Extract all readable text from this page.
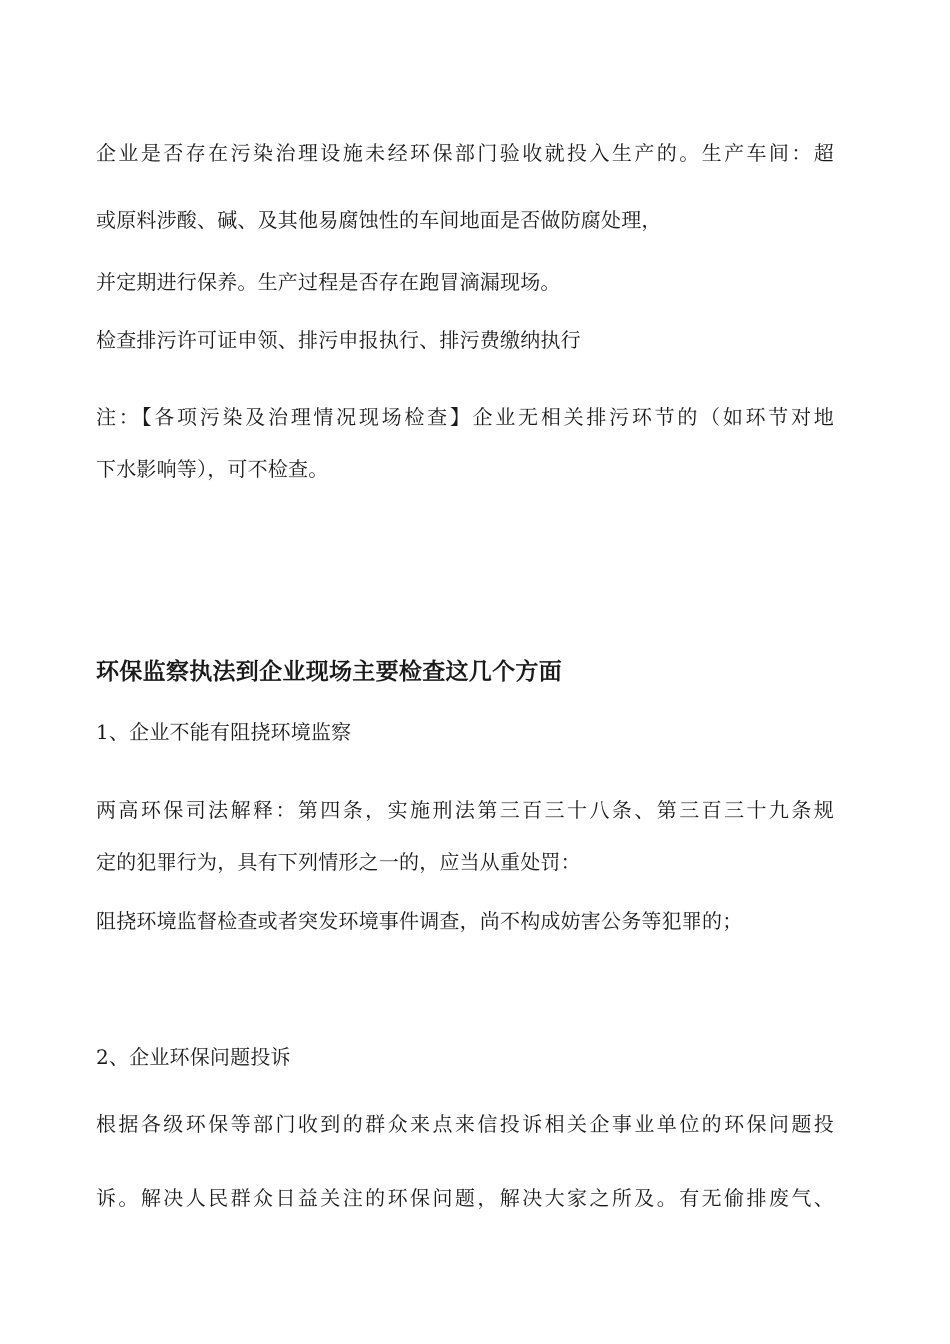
企业是否存在污染治理设施未经环保部门验收就投入生产的。生产车间：超
或原料涉酸、碱、及其他易腐蚀性的车间地面是否做防腐处理，
并定期进行保养。生产过程是否存在跑冒滴漏现场。
检查排污许可证申领、排污申报执行、排污费缴纳执行
注：【各项污染及治理情况现场检查】企业无相关排污环节的（如环节对地
下水影响等），可不检查。
环保监察执法到企业现场主要检查这几个方面
1、企业不能有阻挠环境监察
两高环保司法解释：第四条，实施刑法第三百三十八条、第三百三十九条规
定的犯罪行为，具有下列情形之一的，应当从重处罚：
阻挠环境监督检查或者突发环境事件调查，尚不构成妨害公务等犯罪的；
2、企业环保问题投诉
根据各级环保等部门收到的群众来点来信投诉相关企事业单位的环保问题投
诉。解决人民群众日益关注的环保问题，解决大家之所及。有无偷排废气、
